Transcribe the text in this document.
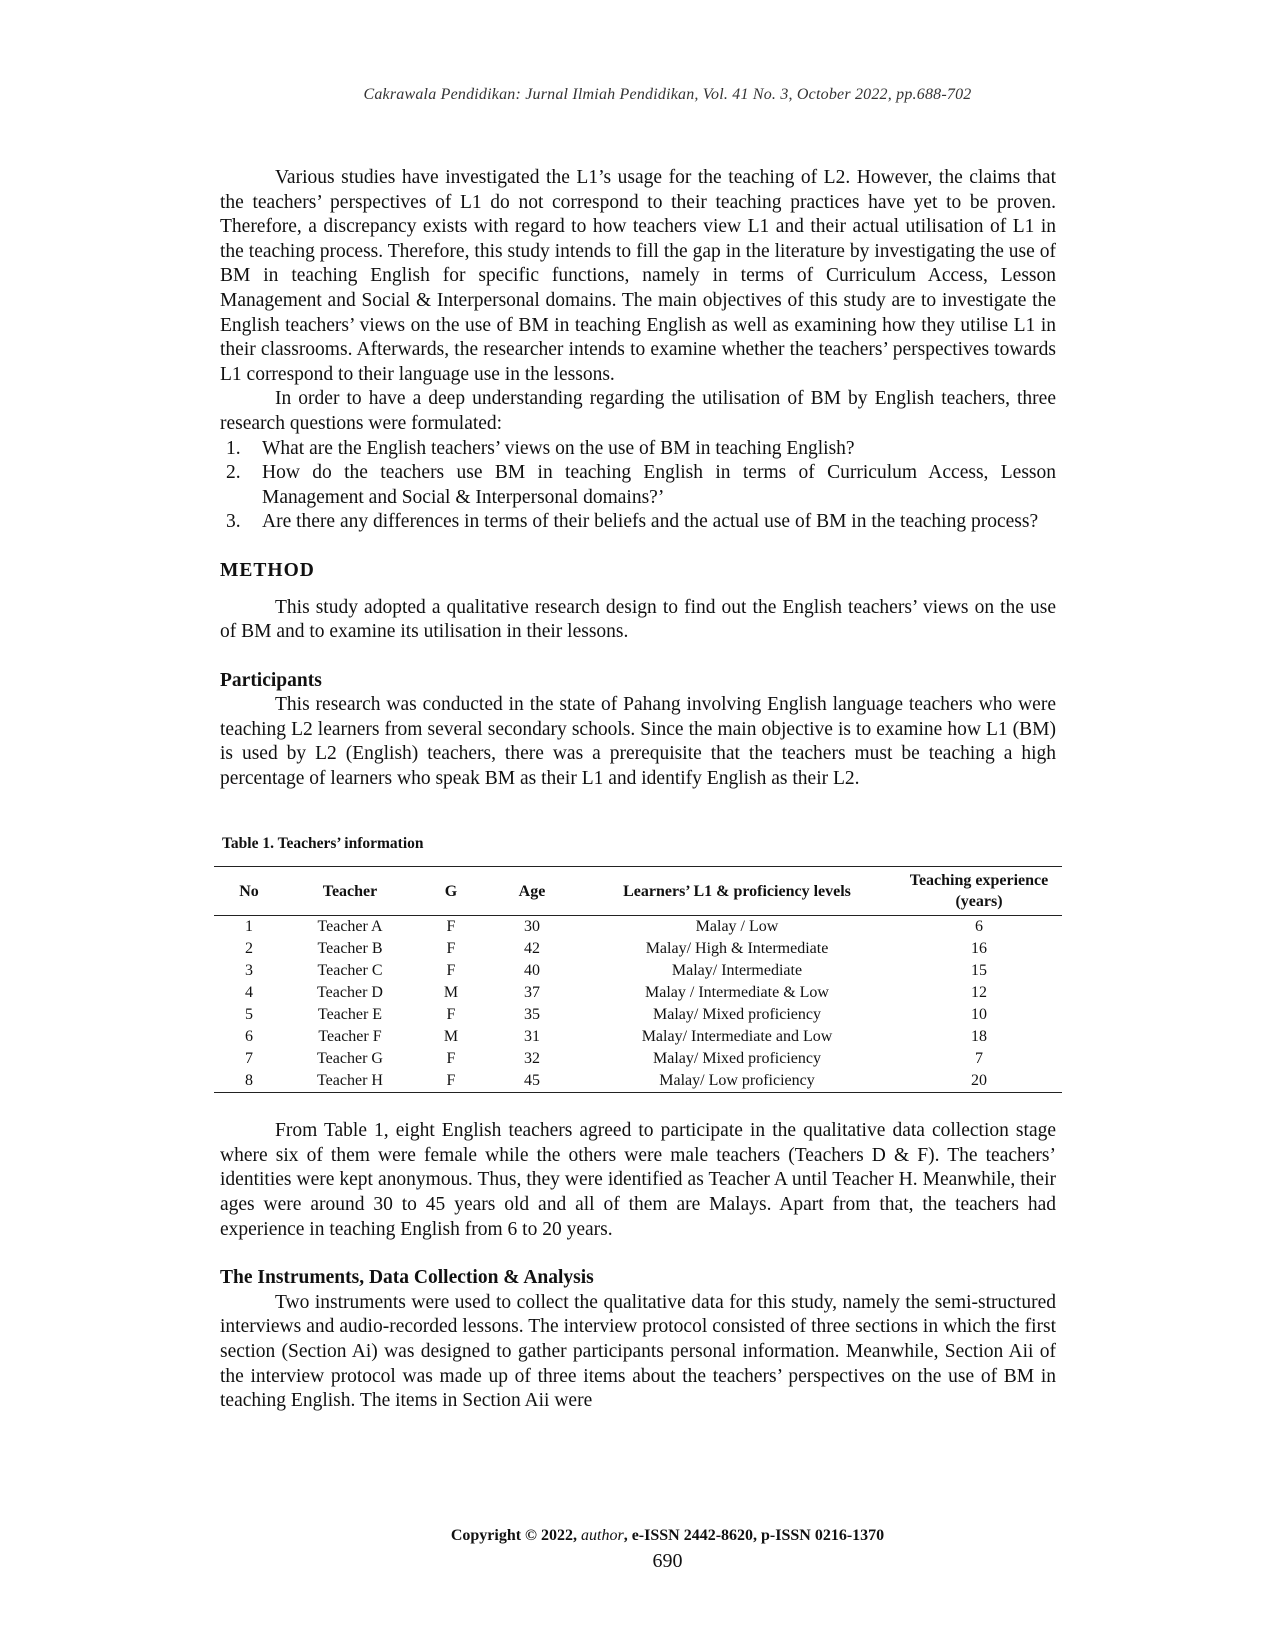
Cakrawala Pendidikan: Jurnal Ilmiah Pendidikan, Vol. 41 No. 3, October 2022, pp.688-702

Various studies have investigated the L1’s usage for the teaching of L2. However, the claims that the teachers’ perspectives of L1 do not correspond to their teaching practices have yet to be proven. Therefore, a discrepancy exists with regard to how teachers view L1 and their actual utilisation of L1 in the teaching process. Therefore, this study intends to fill the gap in the literature by investigating the use of BM in teaching English for specific functions, namely in terms of Curriculum Access, Lesson Management and Social & Interpersonal domains. The main objectives of this study are to investigate the English teachers’ views on the use of BM in teaching English as well as examining how they utilise L1 in their classrooms. Afterwards, the researcher intends to examine whether the teachers’ perspectives towards L1 correspond to their language use in the lessons.

In order to have a deep understanding regarding the utilisation of BM by English teachers, three research questions were formulated:

1. What are the English teachers’ views on the use of BM in teaching English?
2. How do the teachers use BM in teaching English in terms of Curriculum Access, Lesson Management and Social & Interpersonal domains?’
3. Are there any differences in terms of their beliefs and the actual use of BM in the teaching process?
METHOD

This study adopted a qualitative research design to find out the English teachers’ views on the use of BM and to examine its utilisation in their lessons.

Participants

This research was conducted in the state of Pahang involving English language teachers who were teaching L2 learners from several secondary schools. Since the main objective is to examine how L1 (BM) is used by L2 (English) teachers, there was a prerequisite that the teachers must be teaching a high percentage of learners who speak BM as their L1 and identify English as their L2.

Table 1. Teachers’ information
No	Teacher	G	Age	Learners’ L1 & proficiency levels	Teaching experience (years)
1	Teacher A	F	30	Malay / Low	6
2	Teacher B	F	42	Malay/ High & Intermediate	16
3	Teacher C	F	40	Malay/ Intermediate	15
4	Teacher D	M	37	Malay / Intermediate & Low	12
5	Teacher E	F	35	Malay/ Mixed proficiency	10
6	Teacher F	M	31	Malay/ Intermediate and Low	18
7	Teacher G	F	32	Malay/ Mixed proficiency	7
8	Teacher H	F	45	Malay/ Low proficiency	20

From Table 1, eight English teachers agreed to participate in the qualitative data collection stage where six of them were female while the others were male teachers (Teachers D & F). The teachers’ identities were kept anonymous. Thus, they were identified as Teacher A until Teacher H. Meanwhile, their ages were around 30 to 45 years old and all of them are Malays. Apart from that, the teachers had experience in teaching English from 6 to 20 years.

The Instruments, Data Collection & Analysis

Two instruments were used to collect the qualitative data for this study, namely the semi-structured interviews and audio-recorded lessons. The interview protocol consisted of three sections in which the first section (Section Ai) was designed to gather participants personal information. Meanwhile, Section Aii of the interview protocol was made up of three items about the teachers’ perspectives on the use of BM in teaching English. The items in Section Aii were

Copyright © 2022, author, e-ISSN 2442-8620, p-ISSN 0216-1370
690
